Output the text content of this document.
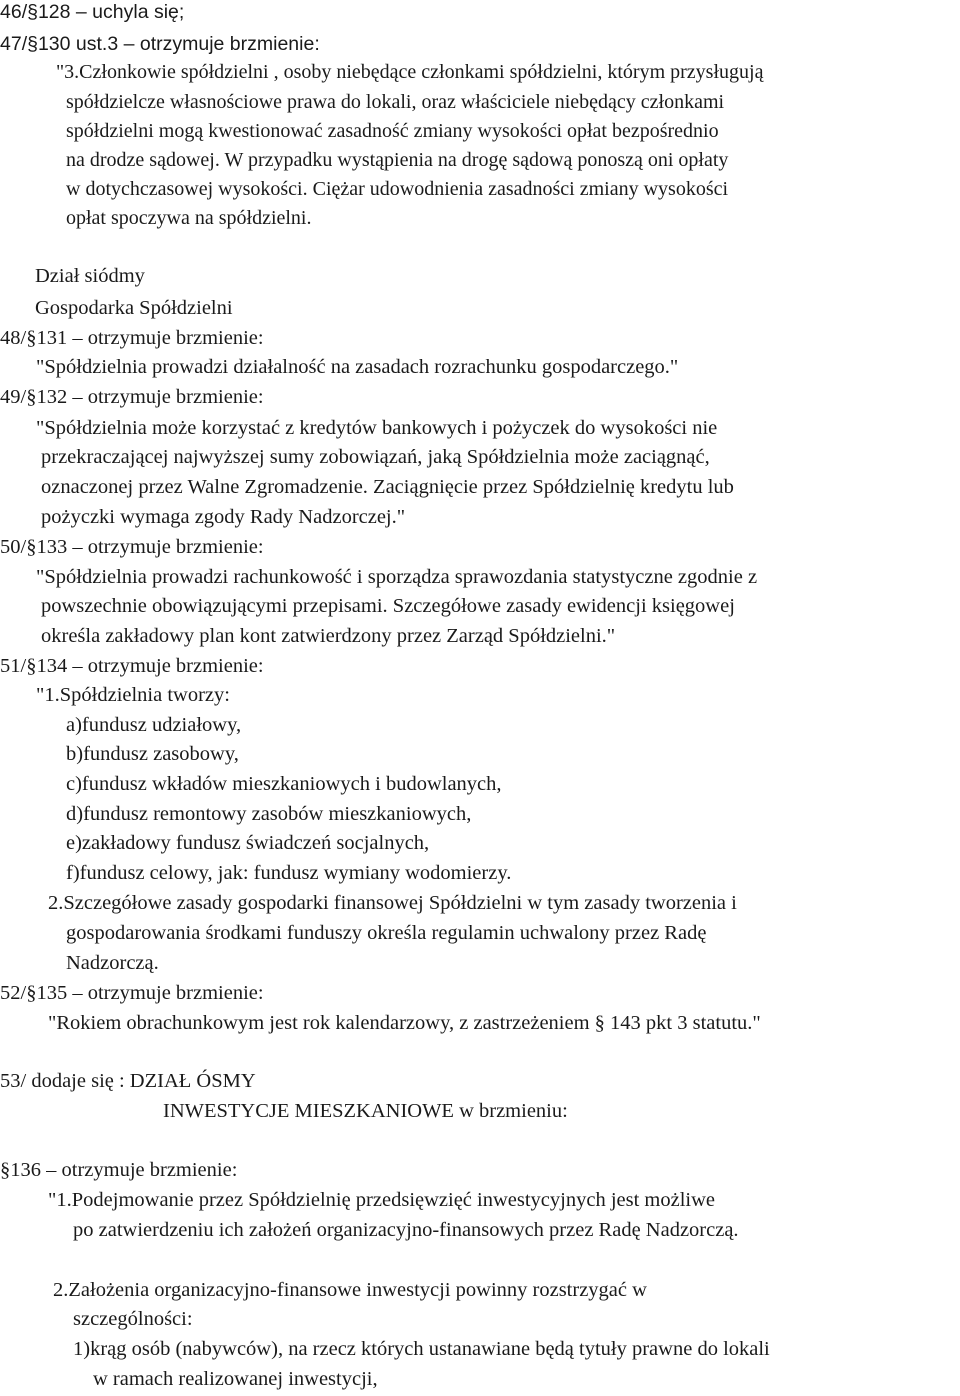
46/§128 – uchyla się;
47/§130 ust.3 – otrzymuje brzmienie:
"3.Członkowie spółdzielni , osoby niebędące członkami spółdzielni, którym przysługują
spółdzielcze własnościowe prawa do lokali, oraz właściciele niebędący członkami
spółdzielni mogą kwestionować zasadność zmiany wysokości opłat bezpośrednio
na drodze sądowej. W przypadku wystąpienia na drogę sądową ponoszą oni opłaty
w dotychczasowej wysokości. Ciężar udowodnienia zasadności zmiany wysokości
opłat spoczywa na spółdzielni.
Dział siódmy
Gospodarka Spółdzielni
48/§131 – otrzymuje brzmienie:
"Spółdzielnia prowadzi działalność na zasadach rozrachunku gospodarczego."
49/§132 – otrzymuje brzmienie:
"Spółdzielnia może korzystać z kredytów bankowych i pożyczek do wysokości nie
przekraczającej najwyższej sumy zobowiązań, jaką Spółdzielnia może zaciągnąć,
oznaczonej przez Walne Zgromadzenie. Zaciągnięcie przez Spółdzielnię kredytu lub
pożyczki wymaga zgody Rady Nadzorczej."
50/§133 – otrzymuje brzmienie:
"Spółdzielnia prowadzi rachunkowość i sporządza sprawozdania statystyczne zgodnie z
powszechnie obowiązującymi przepisami. Szczegółowe zasady ewidencji księgowej
określa zakładowy plan kont zatwierdzony przez Zarząd Spółdzielni."
51/§134 – otrzymuje brzmienie:
"1.Spółdzielnia tworzy:
a)fundusz udziałowy,
b)fundusz zasobowy,
c)fundusz wkładów mieszkaniowych i budowlanych,
d)fundusz remontowy zasobów mieszkaniowych,
e)zakładowy fundusz świadczeń socjalnych,
f)fundusz celowy, jak: fundusz wymiany wodomierzy.
2.Szczegółowe zasady gospodarki finansowej Spółdzielni w tym zasady tworzenia i
gospodarowania środkami funduszy określa regulamin uchwalony przez Radę
Nadzorczą.
52/§135 – otrzymuje brzmienie:
"Rokiem obrachunkowym jest rok kalendarzowy, z zastrzeżeniem § 143 pkt 3 statutu."
53/ dodaje się : DZIAŁ ÓSMY
INWESTYCJE MIESZKANIOWE w brzmieniu:
§136 – otrzymuje brzmienie:
"1.Podejmowanie przez Spółdzielnię przedsięwzięć inwestycyjnych jest możliwe
po zatwierdzeniu ich założeń organizacyjno-finansowych przez Radę Nadzorczą.
2.Założenia organizacyjno-finansowe inwestycji powinny rozstrzygać w
szczególności:
1)krąg osób (nabywców), na rzecz których ustanawiane będą tytuły prawne do lokali
w ramach realizowanej inwestycji,
